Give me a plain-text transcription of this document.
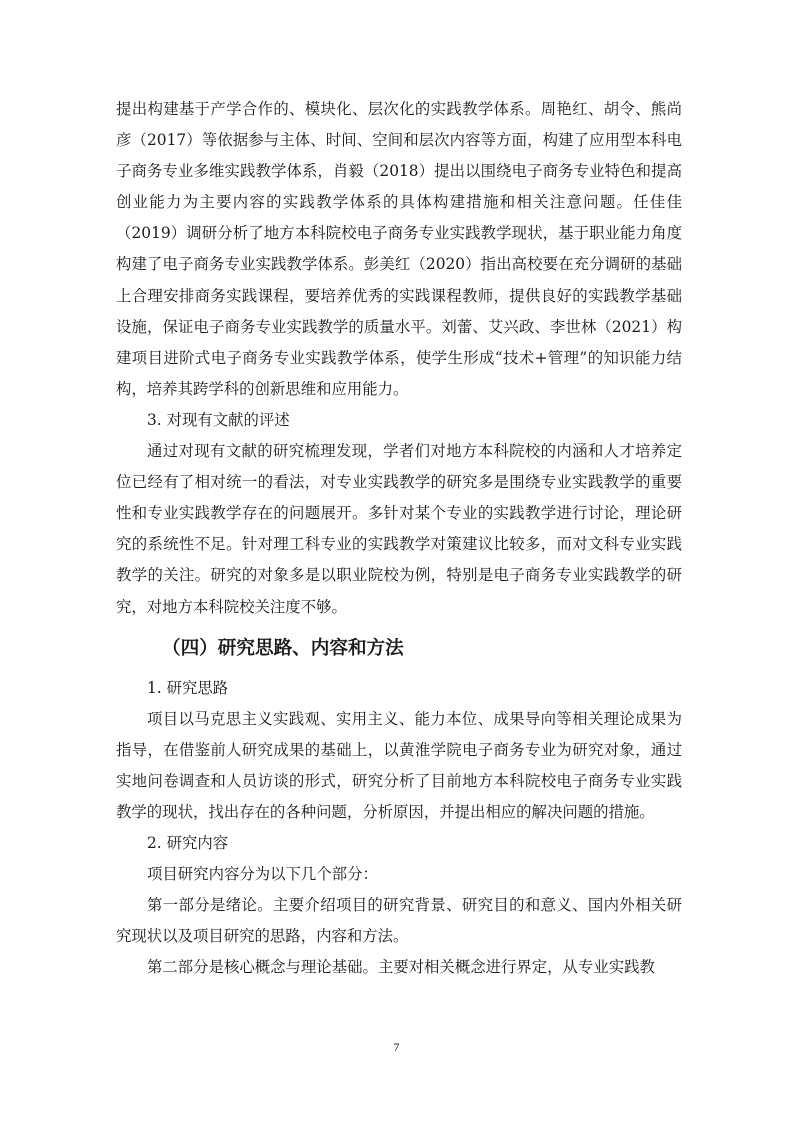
提出构建基于产学合作的、模块化、层次化的实践教学体系。周艳红、胡令、熊尚彦（2017）等依据参与主体、时间、空间和层次内容等方面，构建了应用型本科电子商务专业多维实践教学体系，肖毅（2018）提出以围绕电子商务专业特色和提高创业能力为主要内容的实践教学体系的具体构建措施和相关注意问题。任佳佳（2019）调研分析了地方本科院校电子商务专业实践教学现状，基于职业能力角度构建了电子商务专业实践教学体系。彭美红（2020）指出高校要在充分调研的基础上合理安排商务实践课程，要培养优秀的实践课程教师，提供良好的实践教学基础设施，保证电子商务专业实践教学的质量水平。刘蕾、艾兴政、李世林（2021）构建项目进阶式电子商务专业实践教学体系，使学生形成“技术+管理”的知识能力结构，培养其跨学科的创新思维和应用能力。

3. 对现有文献的评述

通过对现有文献的研究梳理发现，学者们对地方本科院校的内涵和人才培养定位已经有了相对统一的看法，对专业实践教学的研究多是围绕专业实践教学的重要性和专业实践教学存在的问题展开。多针对某个专业的实践教学进行讨论，理论研究的系统性不足。针对理工科专业的实践教学对策建议比较多，而对文科专业实践教学的关注。研究的对象多是以职业院校为例，特别是电子商务专业实践教学的研究，对地方本科院校关注度不够。

（四）研究思路、内容和方法

1. 研究思路

项目以马克思主义实践观、实用主义、能力本位、成果导向等相关理论成果为指导，在借鉴前人研究成果的基础上，以黄淮学院电子商务专业为研究对象，通过实地问卷调查和人员访谈的形式，研究分析了目前地方本科院校电子商务专业实践教学的现状，找出存在的各种问题，分析原因，并提出相应的解决问题的措施。

2. 研究内容

项目研究内容分为以下几个部分：

第一部分是绪论。主要介绍项目的研究背景、研究目的和意义、国内外相关研究现状以及项目研究的思路，内容和方法。

第二部分是核心概念与理论基础。主要对相关概念进行界定，从专业实践教

7
